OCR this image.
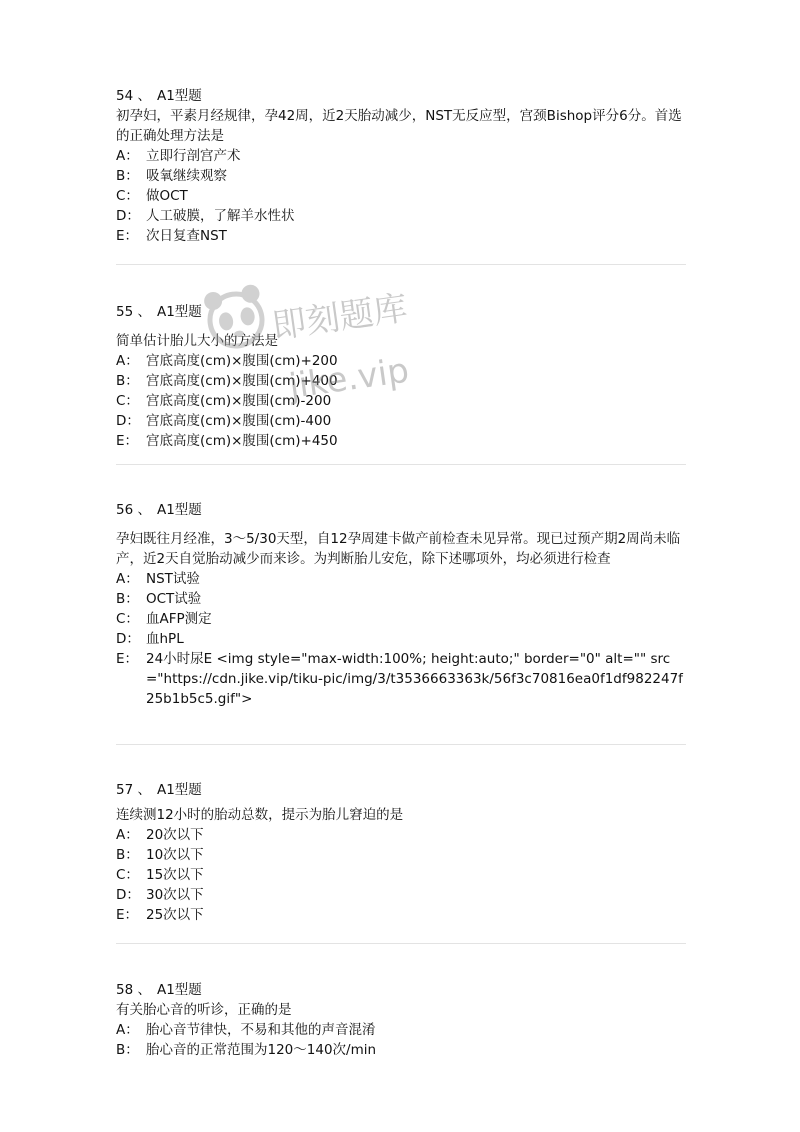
54 、 A1型题
初孕妇，平素月经规律，孕42周，近2天胎动减少，NST无反应型，宫颈Bishop评分6分。首选的正确处理方法是
A： 立即行剖宫产术
B： 吸氧继续观察
C： 做OCT
D： 人工破膜，了解羊水性状
E： 次日复查NST
55 、 A1型题
简单估计胎儿大小的方法是
A： 宫底高度(cm)×腹围(cm)+200
B： 宫底高度(cm)×腹围(cm)+400
C： 宫底高度(cm)×腹围(cm)-200
D： 宫底高度(cm)×腹围(cm)-400
E： 宫底高度(cm)×腹围(cm)+450
56 、 A1型题
孕妇既往月经准，3～5/30天型，自12孕周建卡做产前检查未见异常。现已过预产期2周尚未临产，近2天自觉胎动减少而来诊。为判断胎儿安危，除下述哪项外，均必须进行检查
A： NST试验
B： OCT试验
C： 血AFP测定
D： 血hPL
E： 24小时尿E <img style="max-width:100%; height:auto;" border="0" alt="" src="https://cdn.jike.vip/tiku-pic/img/3/t3536663363k/56f3c70816ea0f1df982247f25b1b5c5.gif">
57 、 A1型题
连续测12小时的胎动总数，提示为胎儿窘迫的是
A： 20次以下
B： 10次以下
C： 15次以下
D： 30次以下
E： 25次以下
58 、 A1型题
有关胎心音的听诊，正确的是
A： 胎心音节律快，不易和其他的声音混淆
B： 胎心音的正常范围为120～140次/min
即刻题库
jike.vip
